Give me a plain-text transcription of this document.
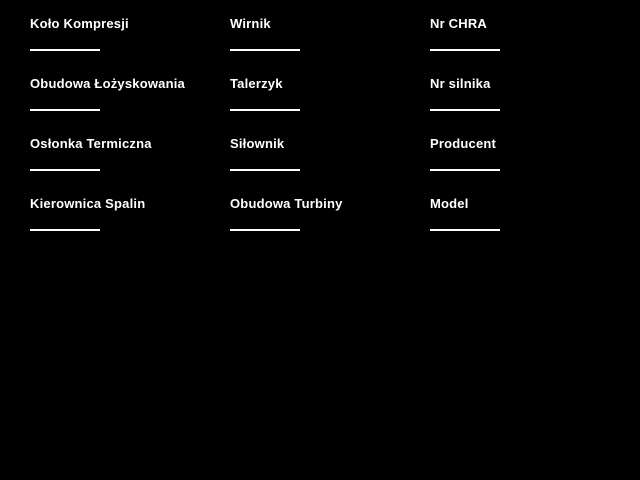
Koło Kompresji	Wirnik	Nr CHRA
Obudowa Łożyskowania	Talerzyk	Nr silnika
Osłonka Termiczna	Siłownik	Producent
Kierownica Spalin	Obudowa Turbiny	Model
